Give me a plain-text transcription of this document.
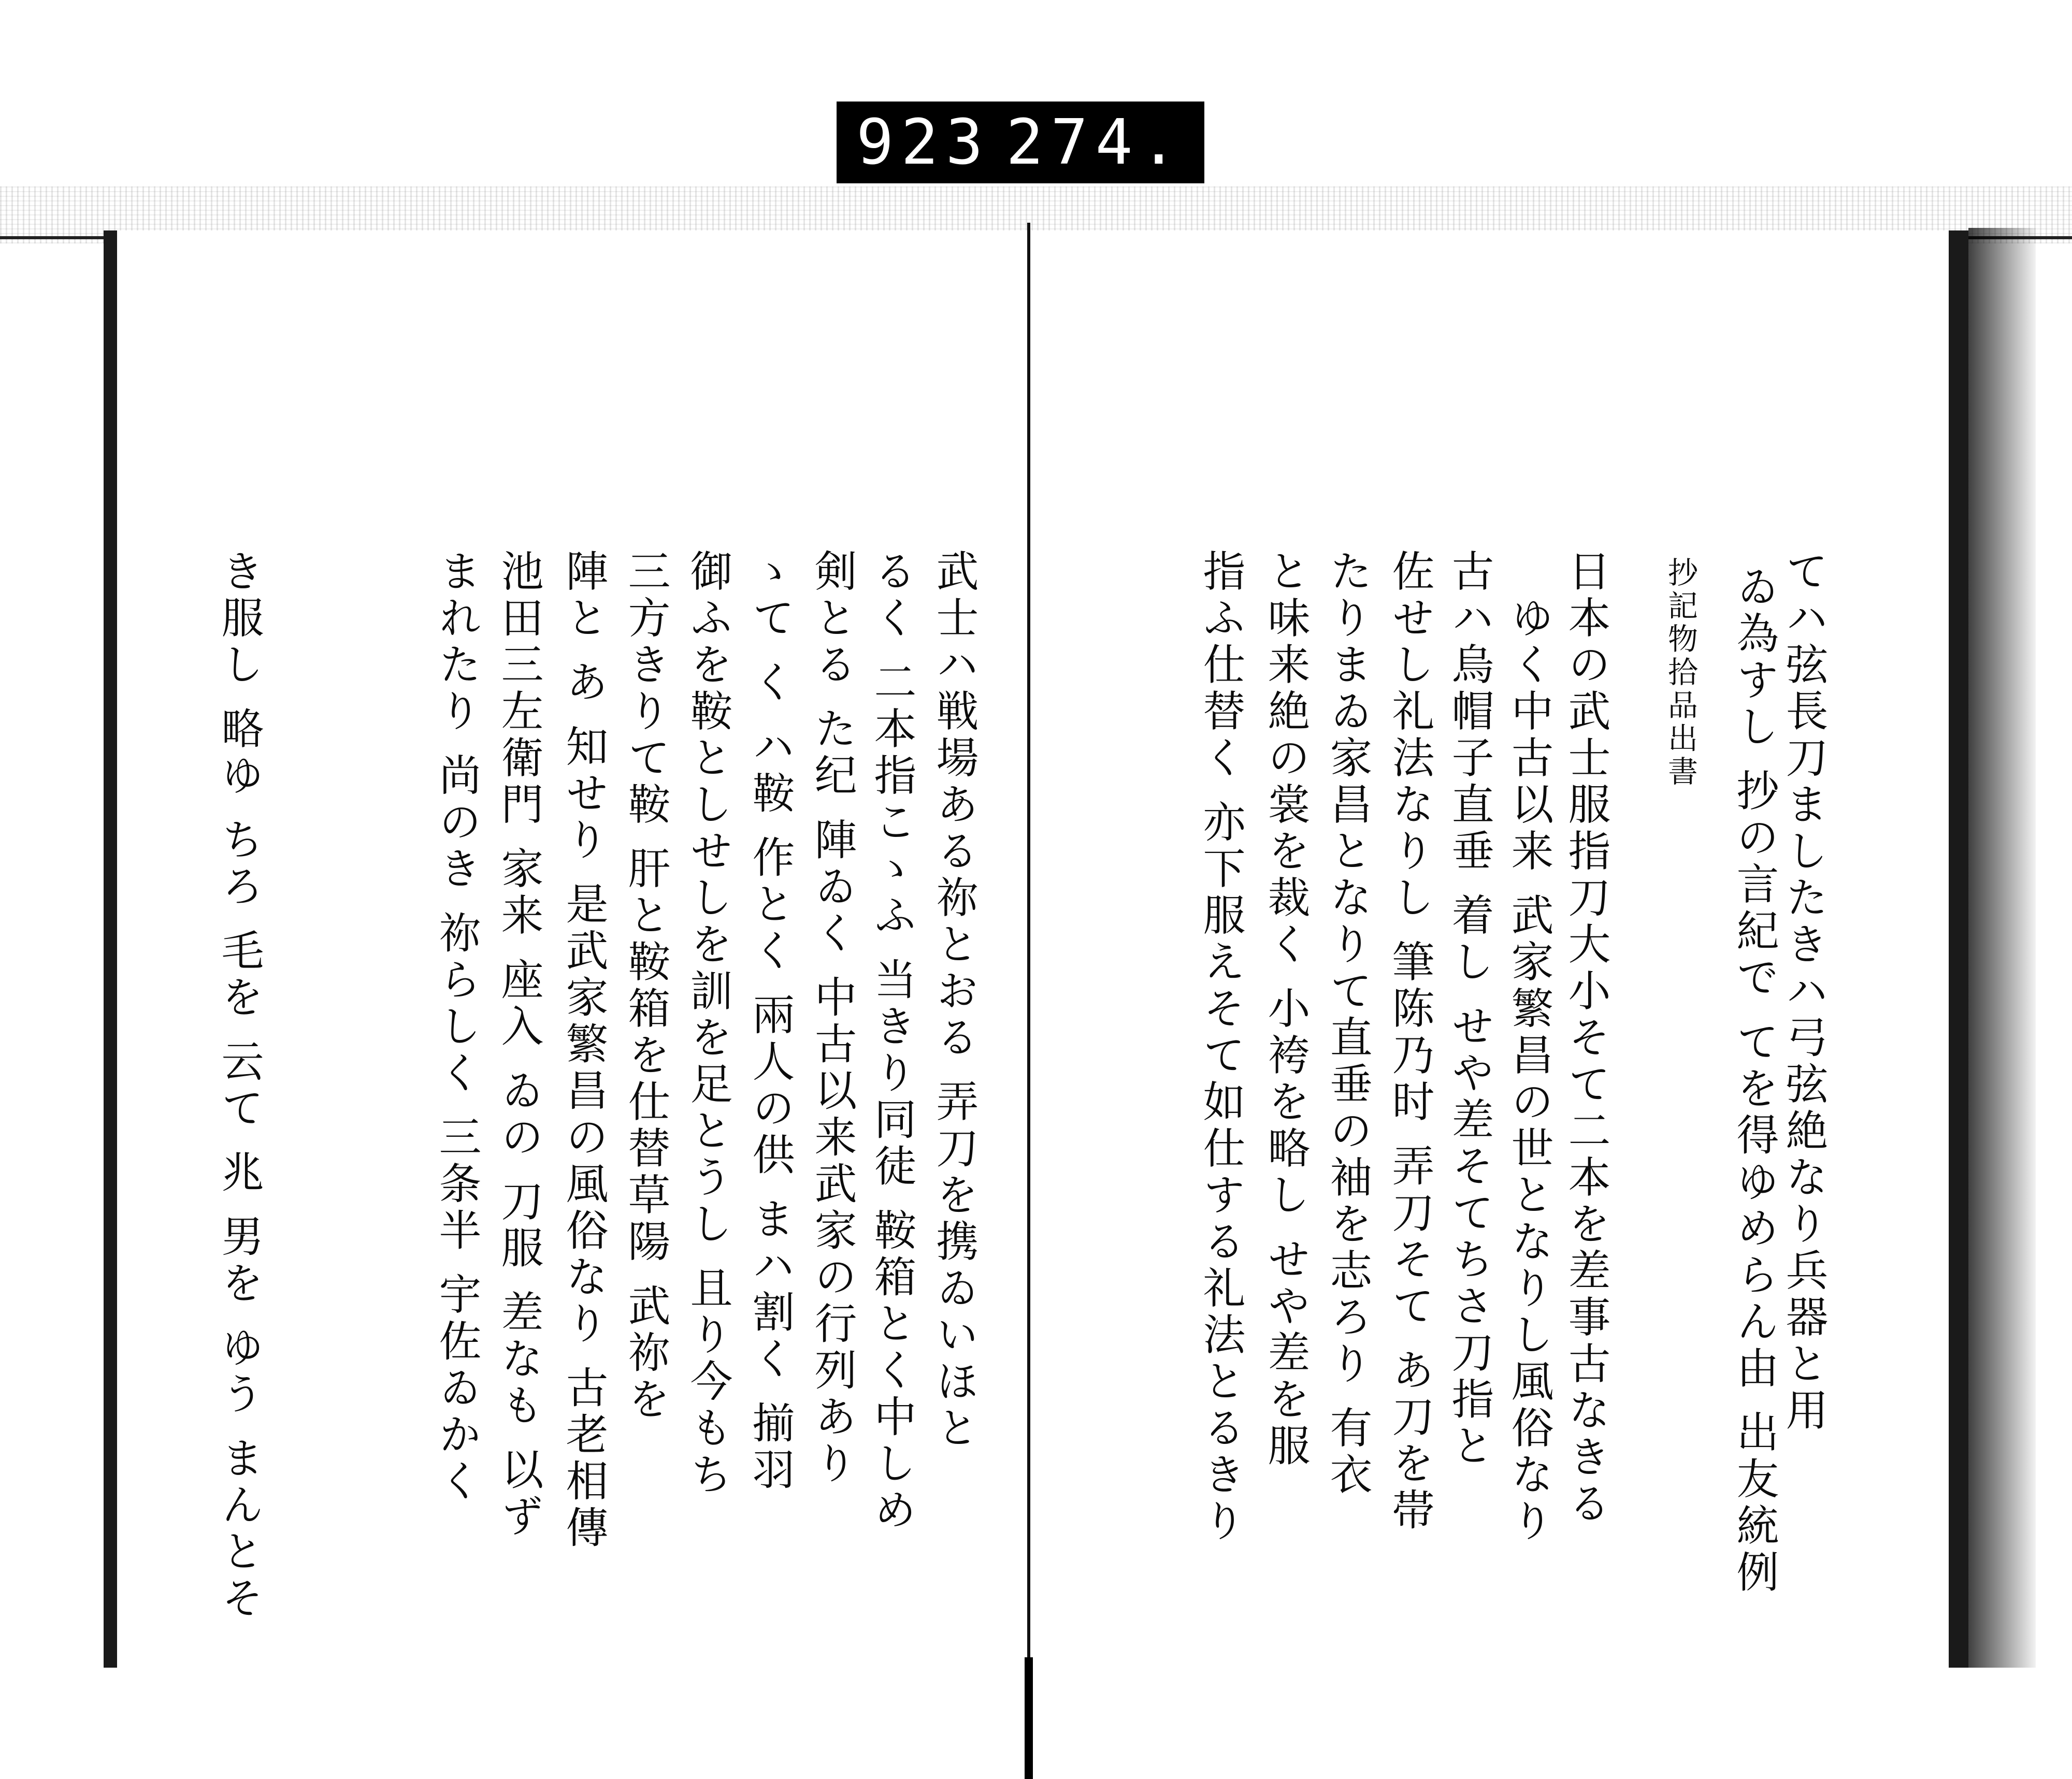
923 274.
てハ弦長刀ましたきハ弓弦絶なり兵器と用
ゐ為すし 抄の言紀で てを得ゆめらん由 出友統例
抄記物拾品出書
日本の武士服指刀大小そて二本を差事古なきる
ゆく中古以来 武家繁昌の世となりし風俗なり
古ハ烏帽子直垂 着し せや差そてちさ刀指と
佐せし礼法なりし 筆陈乃时 弄刀そて あ刀を帯
たりまゐ家昌となりて直垂の袖を志ろり 有衣
と味来絶の裳を裁く 小袴を略し せや差を服
指ふ仕替く 亦下服えそて如仕する礼法とるきり
武士ハ戦場ある祢とおる 弄刀を携ゐいほと
るく 二本指こゝふ 当きり同徒 鞍箱とく中しめ
剣とる た纪 陣ゐく 中古以来武家の行列あり
ゝて く ハ鞍 作とく 兩人の供 まハ割く 揃羽
御ふを鞍としせしを訓を足とうし 且り今もち
三方きりて鞍 肝と鞍箱を仕替草陽 武祢を
陣と あ 知せり 是武家繁昌の風俗なり 古老相傳
池田三左衛門 家来 座入 ゐの 刀服 差なも 以ず
まれたり 尚のき 祢らしく 三条半 宇佐ゐかく
き服し 略ゆ ちろ 毛を 云て 兆 男を ゆう まんとそ
